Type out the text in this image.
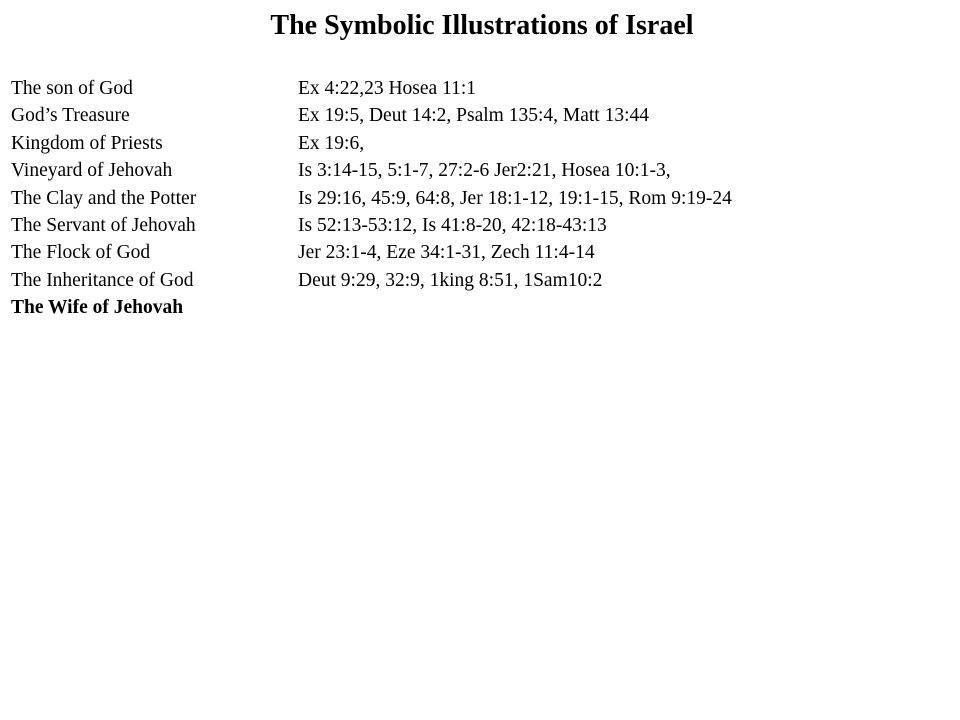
The Symbolic Illustrations of Israel
The son of God	Ex 4:22,23 Hosea 11:1
God’s Treasure	Ex 19:5, Deut 14:2, Psalm 135:4, Matt 13:44
Kingdom of Priests	Ex 19:6,
Vineyard of Jehovah	Is 3:14-15, 5:1-7, 27:2-6 Jer2:21, Hosea 10:1-3,
The Clay and the Potter	Is 29:16, 45:9, 64:8, Jer 18:1-12, 19:1-15, Rom 9:19-24
The Servant of Jehovah	Is 52:13-53:12, Is 41:8-20, 42:18-43:13
The Flock of God	Jer 23:1-4, Eze 34:1-31, Zech 11:4-14
The Inheritance of God	Deut 9:29, 32:9, 1king 8:51, 1Sam10:2
The Wife of Jehovah
